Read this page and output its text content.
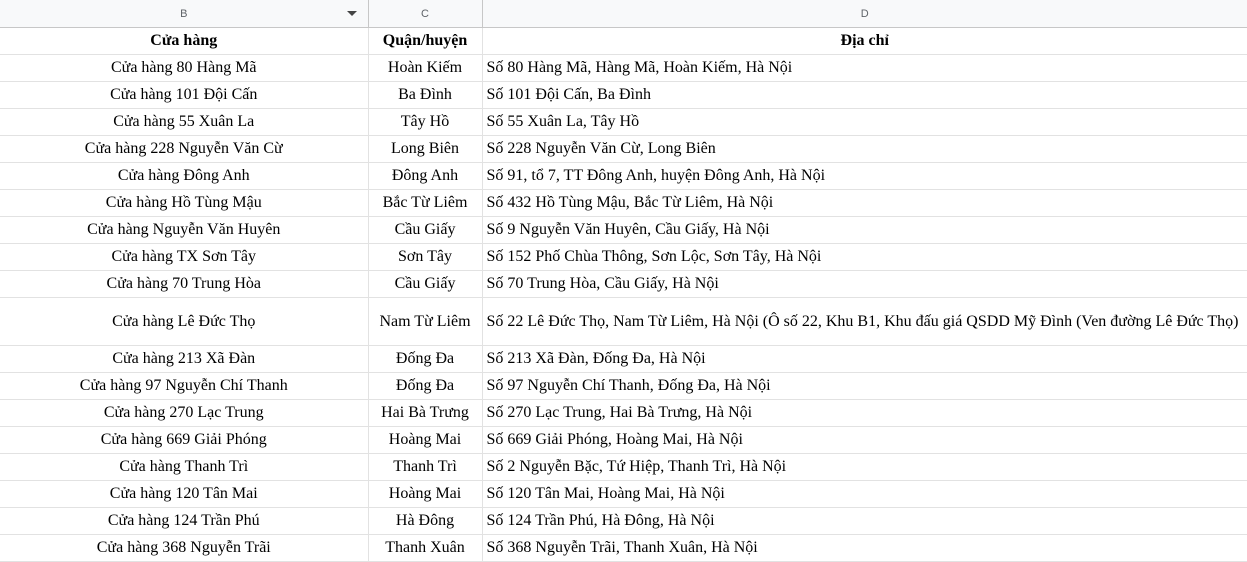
B	C	D
Cửa hàng	Quận/huyện	Địa chỉ
Cửa hàng 80 Hàng Mã	Hoàn Kiếm	Số 80 Hàng Mã, Hàng Mã, Hoàn Kiếm, Hà Nội
Cửa hàng 101 Đội Cấn	Ba Đình	Số 101 Đội Cấn, Ba Đình
Cửa hàng 55 Xuân La	Tây Hồ	Số 55 Xuân La, Tây Hồ
Cửa hàng 228 Nguyễn Văn Cừ	Long Biên	Số 228 Nguyễn Văn Cừ, Long Biên
Cửa hàng Đông Anh	Đông Anh	Số 91, tổ 7, TT Đông Anh, huyện Đông Anh, Hà Nội
Cửa hàng Hồ Tùng Mậu	Bắc Từ Liêm	Số 432 Hồ Tùng Mậu, Bắc Từ Liêm, Hà Nội
Cửa hàng Nguyễn Văn Huyên	Cầu Giấy	Số 9 Nguyễn Văn Huyên, Cầu Giấy, Hà Nội
Cửa hàng TX Sơn Tây	Sơn Tây	Số 152 Phố Chùa Thông, Sơn Lộc, Sơn Tây, Hà Nội
Cửa hàng 70 Trung Hòa	Cầu Giấy	Số 70 Trung Hòa, Cầu Giấy, Hà Nội
Cửa hàng Lê Đức Thọ	Nam Từ Liêm	Số 22 Lê Đức Thọ, Nam Từ Liêm, Hà Nội (Ô số 22, Khu B1, Khu đấu giá QSDD Mỹ Đình (Ven đường Lê Đức Thọ)
Cửa hàng 213 Xã Đàn	Đống Đa	Số 213 Xã Đàn, Đống Đa, Hà Nội
Cửa hàng 97 Nguyễn Chí Thanh	Đống Đa	Số 97 Nguyễn Chí Thanh, Đống Đa, Hà Nội
Cửa hàng 270 Lạc Trung	Hai Bà Trưng	Số 270 Lạc Trung, Hai Bà Trưng, Hà Nội
Cửa hàng 669 Giải Phóng	Hoàng Mai	Số 669 Giải Phóng, Hoàng Mai, Hà Nội
Cửa hàng Thanh Trì	Thanh Trì	Số 2 Nguyễn Bặc, Tứ Hiệp, Thanh Trì, Hà Nội
Cửa hàng 120 Tân Mai	Hoàng Mai	Số 120 Tân Mai, Hoàng Mai, Hà Nội
Cửa hàng 124 Trần Phú	Hà Đông	Số 124 Trần Phú, Hà Đông, Hà Nội
Cửa hàng 368 Nguyễn Trãi	Thanh Xuân	Số 368 Nguyễn Trãi, Thanh Xuân, Hà Nội
